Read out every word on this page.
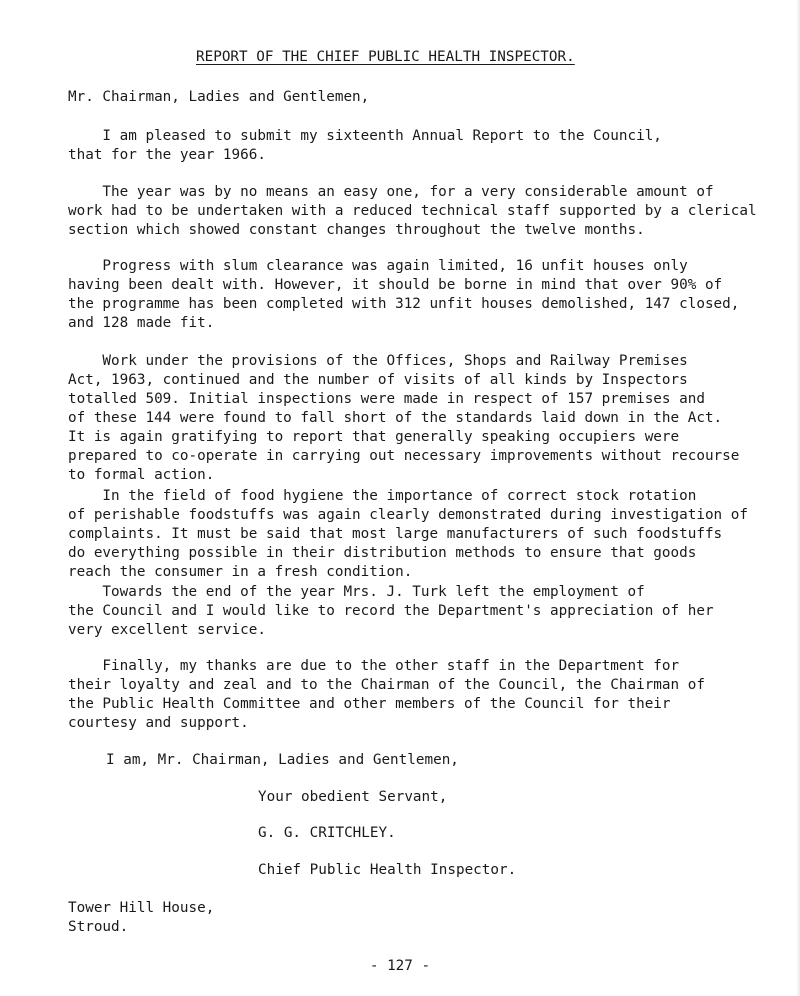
REPORT OF THE CHIEF PUBLIC HEALTH INSPECTOR.
Mr. Chairman, Ladies and Gentlemen,
I am pleased to submit my sixteenth Annual Report to the Council,
that for the year 1966.
The year was by no means an easy one, for a very considerable amount of
work had to be undertaken with a reduced technical staff supported by a clerical
section which showed constant changes throughout the twelve months.
Progress with slum clearance was again limited, 16 unfit houses only
having been dealt with. However, it should be borne in mind that over 90% of
the programme has been completed with 312 unfit houses demolished, 147 closed,
and 128 made fit.
Work under the provisions of the Offices, Shops and Railway Premises
Act, 1963, continued and the number of visits of all kinds by Inspectors
totalled 509. Initial inspections were made in respect of 157 premises and
of these 144 were found to fall short of the standards laid down in the Act.
It is again gratifying to report that generally speaking occupiers were
prepared to co-operate in carrying out necessary improvements without recourse
to formal action.
In the field of food hygiene the importance of correct stock rotation
of perishable foodstuffs was again clearly demonstrated during investigation of
complaints. It must be said that most large manufacturers of such foodstuffs
do everything possible in their distribution methods to ensure that goods
reach the consumer in a fresh condition.
Towards the end of the year Mrs. J. Turk left the employment of
the Council and I would like to record the Department's appreciation of her
very excellent service.
Finally, my thanks are due to the other staff in the Department for
their loyalty and zeal and to the Chairman of the Council, the Chairman of
the Public Health Committee and other members of the Council for their
courtesy and support.
I am, Mr. Chairman, Ladies and Gentlemen,
Your obedient Servant,
G. G. CRITCHLEY.
Chief Public Health Inspector.
Tower Hill House,
Stroud.
- 127 -
